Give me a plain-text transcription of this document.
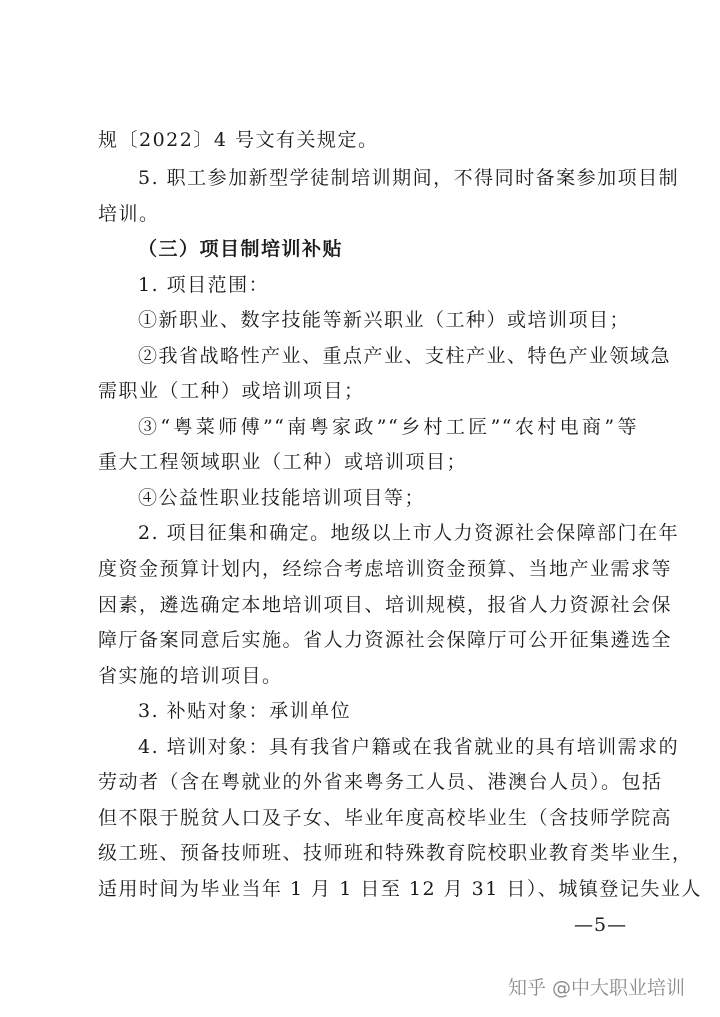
规〔2022〕4 号文有关规定。
5. 职工参加新型学徒制培训期间，不得同时备案参加项目制
培训。
（三）项目制培训补贴
1. 项目范围：
①新职业、数字技能等新兴职业（工种）或培训项目；
②我省战略性产业、重点产业、支柱产业、特色产业领域急
需职业（工种）或培训项目；
③“粤菜师傅”“南粤家政”“乡村工匠”“农村电商”等
重大工程领域职业（工种）或培训项目；
④公益性职业技能培训项目等；
2. 项目征集和确定。地级以上市人力资源社会保障部门在年
度资金预算计划内，经综合考虑培训资金预算、当地产业需求等
因素，遴选确定本地培训项目、培训规模，报省人力资源社会保
障厅备案同意后实施。省人力资源社会保障厅可公开征集遴选全
省实施的培训项目。
3. 补贴对象：承训单位
4. 培训对象：具有我省户籍或在我省就业的具有培训需求的
劳动者（含在粤就业的外省来粤务工人员、港澳台人员）。包括
但不限于脱贫人口及子女、毕业年度高校毕业生（含技师学院高
级工班、预备技师班、技师班和特殊教育院校职业教育类毕业生，
适用时间为毕业当年 1 月 1 日至 12 月 31 日）、城镇登记失业人
—5—
知乎 @中大职业培训
